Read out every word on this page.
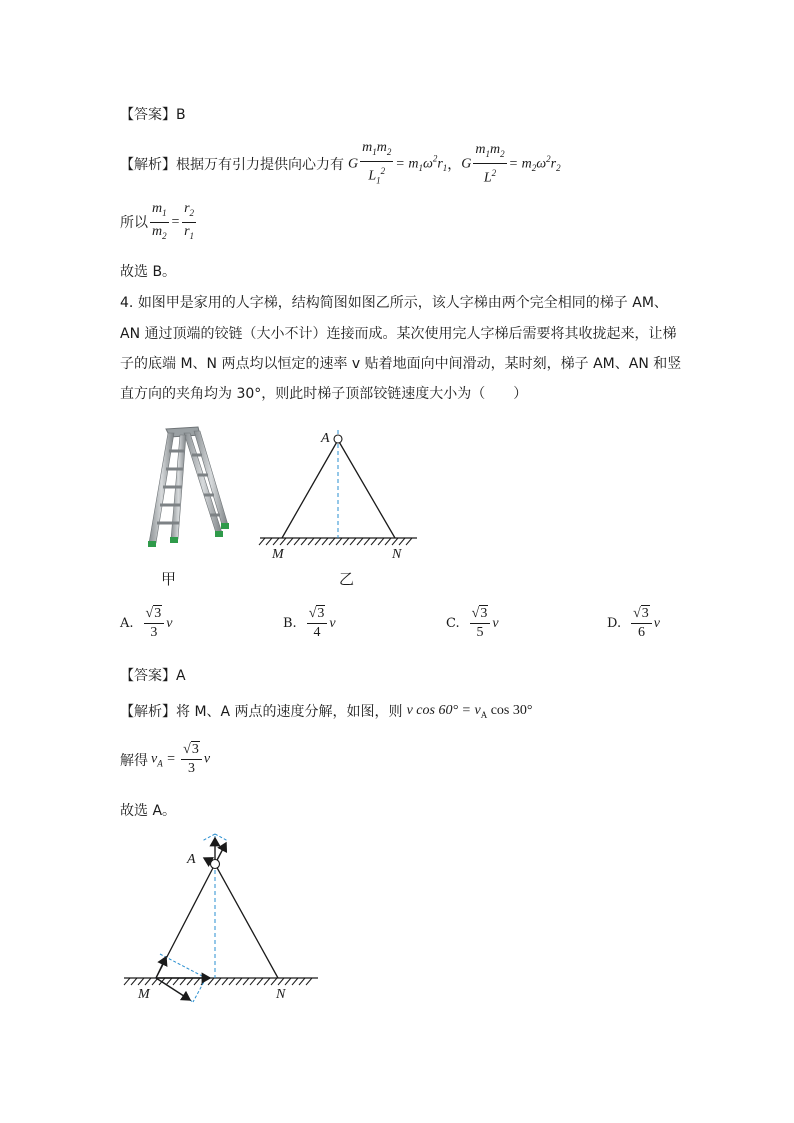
【答案】B
【解析】 根据万有引力提供向心力有 G $\frac{m_1m_2}{L_1^2} = m_1\omega^2r_1$ ， G $\frac{m_1m_2}{L^2} = m_2\omega^2r_2$
所以 $\frac{m_1}{m_2} = \frac{r_2}{r_1}$
故选 B。
4. 如图甲是家用的人字梯，结构简图如图乙所示，该人字梯由两个完全相同的梯子 AM、
AN 通过顶端的铰链（大小不计）连接而成。某次使用完人字梯后需要将其收拢起来，让梯
子的底端 M、N 两点均以恒定的速率 v 贴着地面向中间滑动，某时刻，梯子 AM、AN 和竖
直方向的夹角均为 30°，则此时梯子顶部铰链速度大小为（　　）
甲
A
M	N
乙
A. $\frac{√3}{3}$ v	B. $\frac{√3}{4}$ v	C. $\frac{√3}{5}$ v	D. $\frac{√3}{6}$ v
【答案】A
【解析】 将 M、A 两点的速度分解，如图，则 v $\cos 60^\circ = v_A$ cos 30°
解得 $v_A = \frac{√3}{3}$ v
故选 A。
A
M	N
